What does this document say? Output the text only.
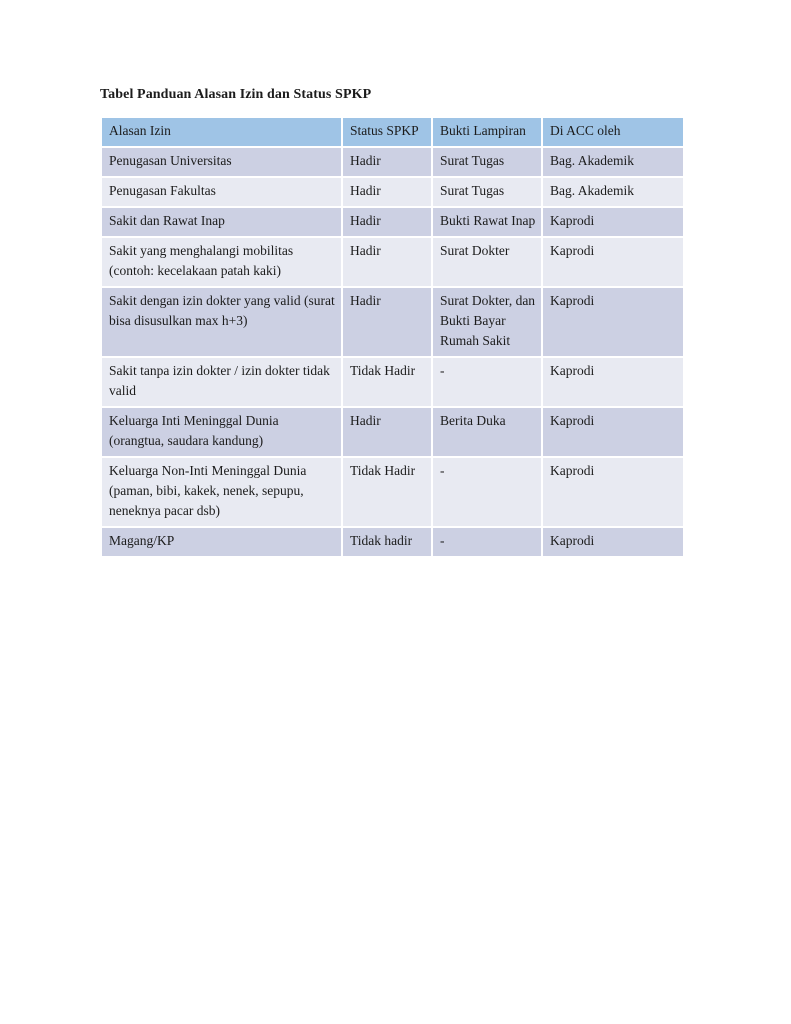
Tabel Panduan Alasan Izin dan Status SPKP
Alasan Izin	Status SPKP	Bukti Lampiran	Di ACC oleh
Penugasan Universitas	Hadir	Surat Tugas	Bag. Akademik
Penugasan Fakultas	Hadir	Surat Tugas	Bag. Akademik
Sakit dan Rawat Inap	Hadir	Bukti Rawat Inap	Kaprodi
Sakit yang menghalangi mobilitas (contoh: kecelakaan patah kaki)	Hadir	Surat Dokter	Kaprodi
Sakit dengan izin dokter yang valid (surat bisa disusulkan max h+3)	Hadir	Surat Dokter, dan Bukti Bayar Rumah Sakit	Kaprodi
Sakit tanpa izin dokter / izin dokter tidak valid	Tidak Hadir	-	Kaprodi
Keluarga Inti Meninggal Dunia (orangtua, saudara kandung)	Hadir	Berita Duka	Kaprodi
Keluarga Non-Inti Meninggal Dunia (paman, bibi, kakek, nenek, sepupu, neneknya pacar dsb)	Tidak Hadir	-	Kaprodi
Magang/KP	Tidak hadir	-	Kaprodi
